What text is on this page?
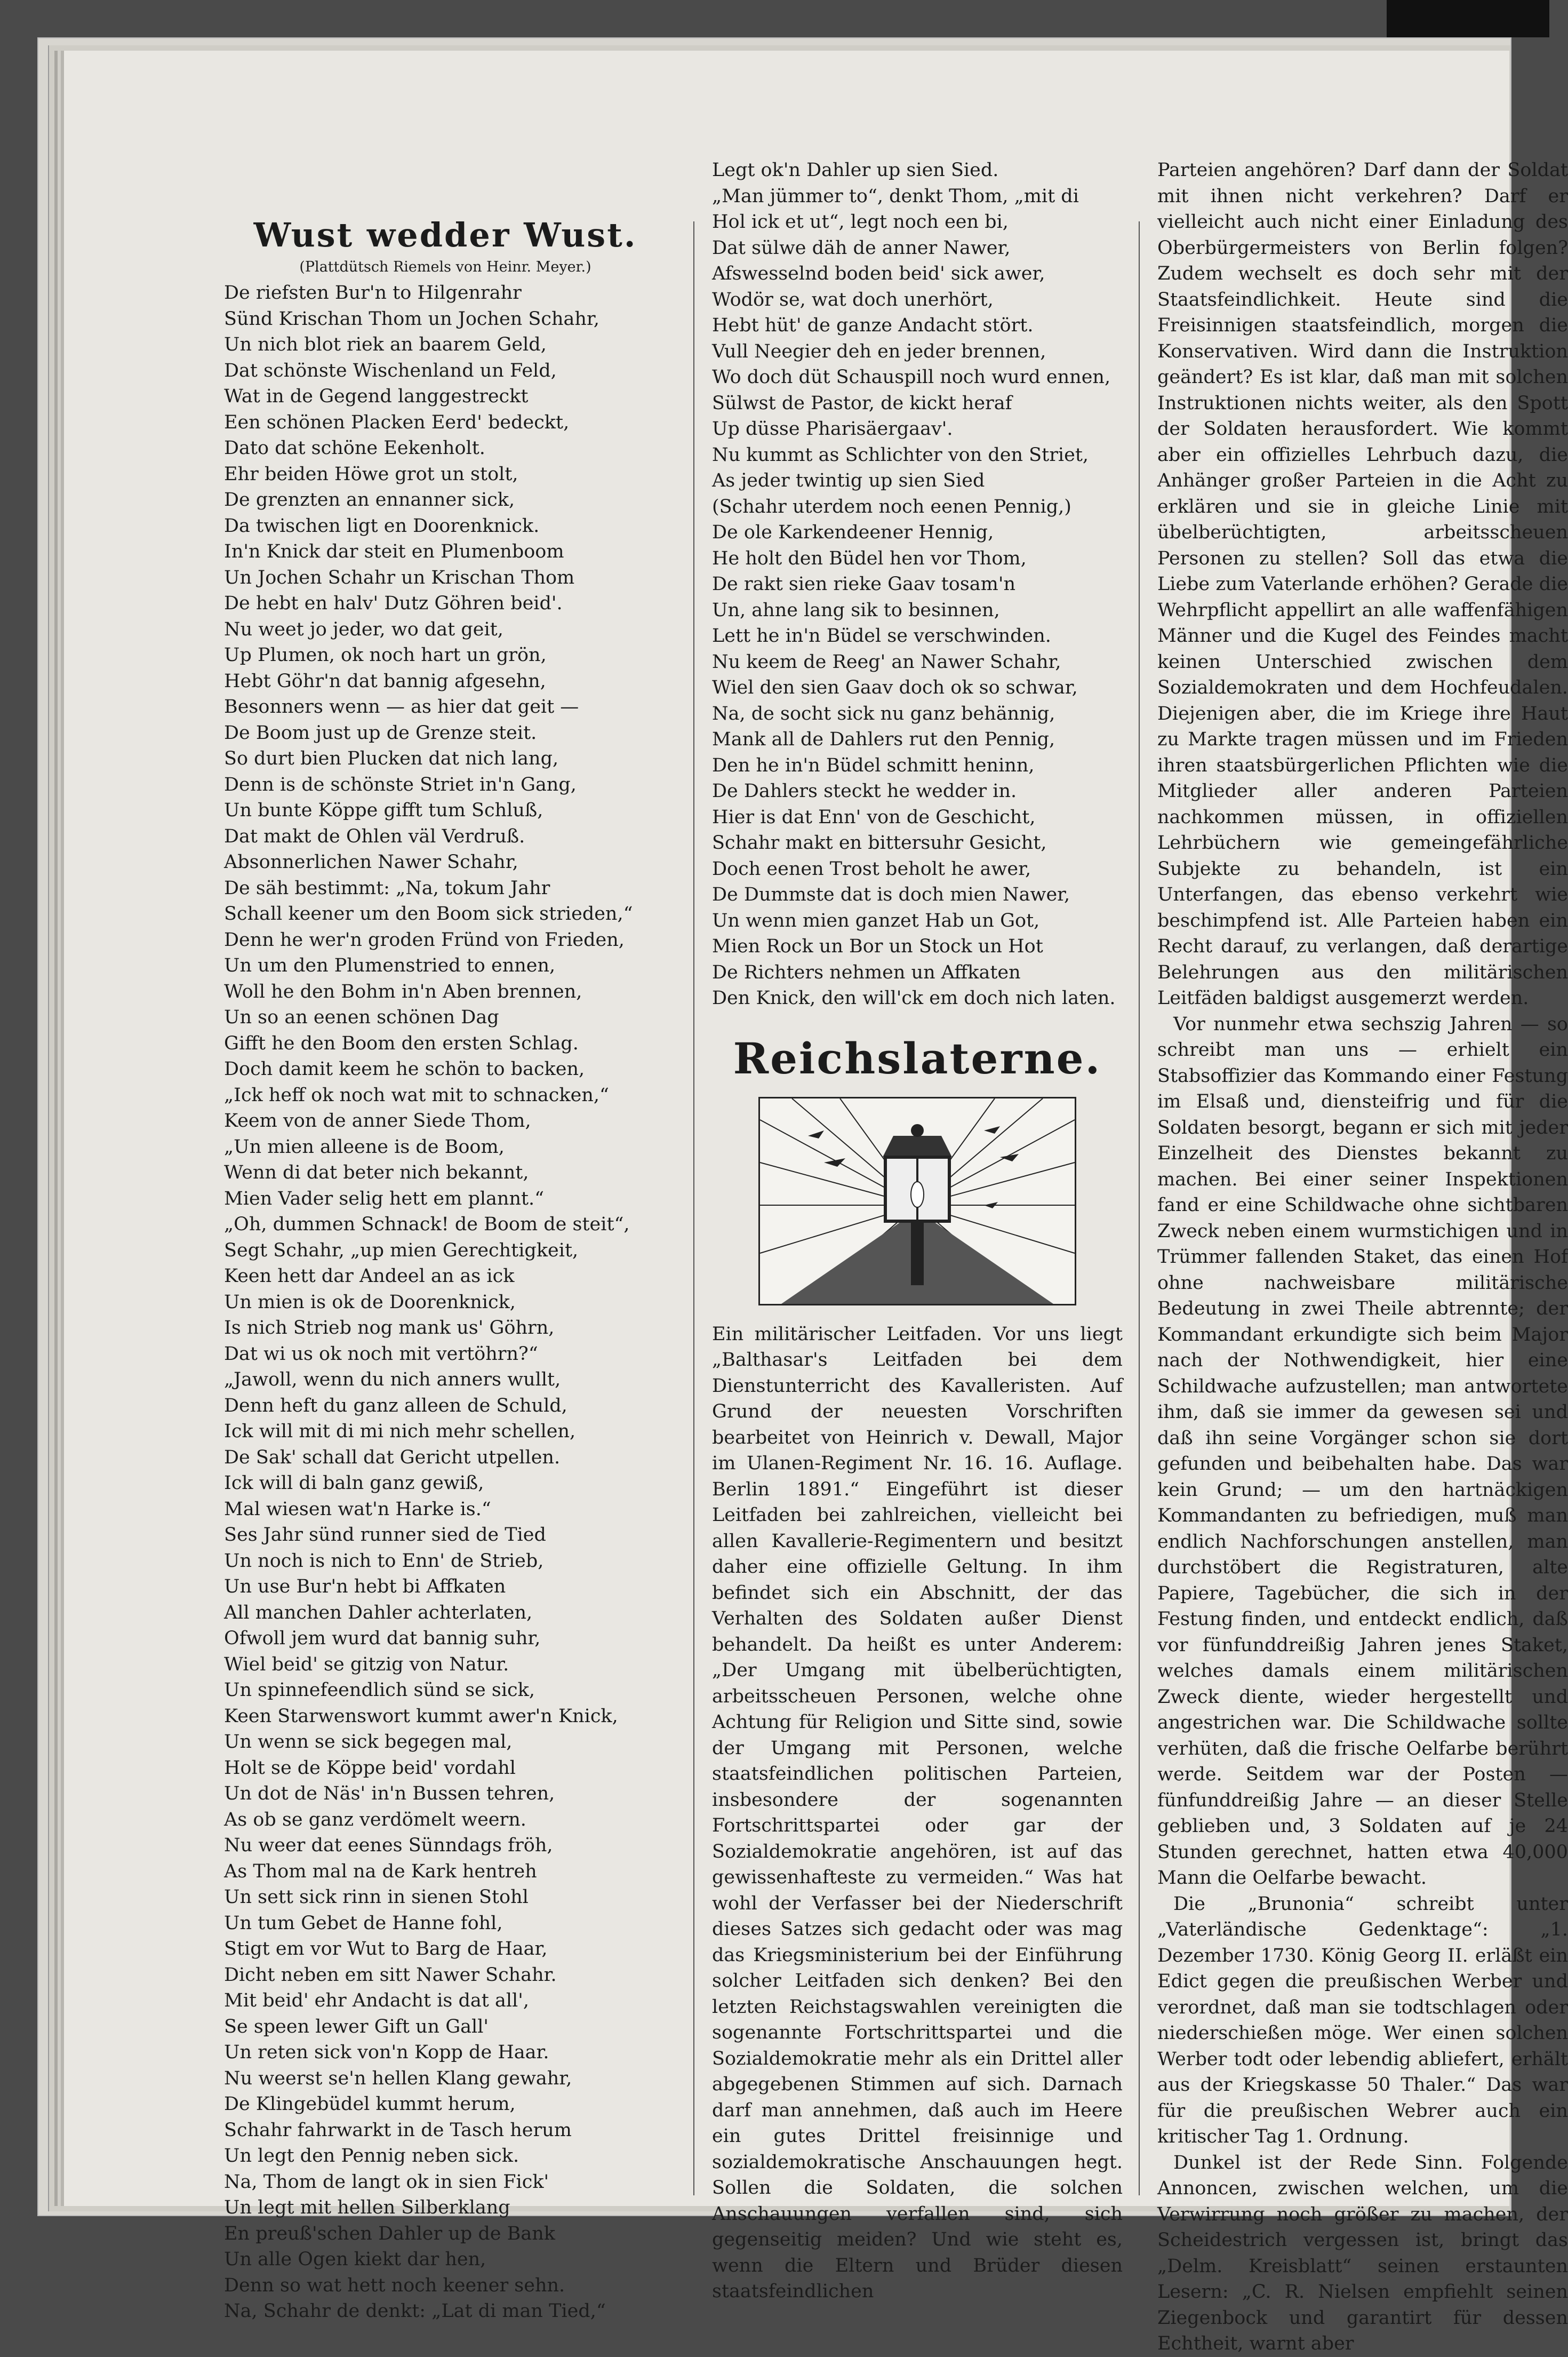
Wust wedder Wust.
(Plattdütsch Riemels von Heinr. Meyer.)
De riefsten Bur'n to Hilgenrahr
Sünd Krischan Thom un Jochen Schahr,
Un nich blot riek an baarem Geld,
Dat schönste Wischenland un Feld,
Wat in de Gegend langgestreckt
Een schönen Placken Eerd' bedeckt,
Dato dat schöne Eekenholt.
Ehr beiden Höwe grot un stolt,
De grenzten an ennanner sick,
Da twischen ligt en Doorenknick.
In'n Knick dar steit en Plumenboom
Un Jochen Schahr un Krischan Thom
De hebt en halv' Dutz Göhren beid'.
Nu weet jo jeder, wo dat geit,
Up Plumen, ok noch hart un grön,
Hebt Göhr'n dat bannig afgesehn,
Besonners wenn — as hier dat geit —
De Boom just up de Grenze steit.
So durt bien Plucken dat nich lang,
Denn is de schönste Striet in'n Gang,
Un bunte Köppe gifft tum Schluß,
Dat makt de Ohlen väl Verdruß.
Absonnerlichen Nawer Schahr,
De säh bestimmt: „Na, tokum Jahr
Schall keener um den Boom sick strieden,“
Denn he wer'n groden Fründ von Frieden,
Un um den Plumenstried to ennen,
Woll he den Bohm in'n Aben brennen,
Un so an eenen schönen Dag
Gifft he den Boom den ersten Schlag.
Doch damit keem he schön to backen,
„Ick heff ok noch wat mit to schnacken,“
Keem von de anner Siede Thom,
„Un mien alleene is de Boom,
Wenn di dat beter nich bekannt,
Mien Vader selig hett em plannt.“
„Oh, dummen Schnack! de Boom de steit“,
Segt Schahr, „up mien Gerechtigkeit,
Keen hett dar Andeel an as ick
Un mien is ok de Doorenknick,
Is nich Strieb nog mank us' Göhrn,
Dat wi us ok noch mit vertöhrn?“
„Jawoll, wenn du nich anners wullt,
Denn heft du ganz alleen de Schuld,
Ick will mit di mi nich mehr schellen,
De Sak' schall dat Gericht utpellen.
Ick will di baln ganz gewiß,
Mal wiesen wat'n Harke is.“
Ses Jahr sünd runner sied de Tied
Un noch is nich to Enn' de Strieb,
Un use Bur'n hebt bi Affkaten
All manchen Dahler achterlaten,
Ofwoll jem wurd dat bannig suhr,
Wiel beid' se gitzig von Natur.
Un spinnefeendlich sünd se sick,
Keen Starwenswort kummt awer'n Knick,
Un wenn se sick begegen mal,
Holt se de Köppe beid' vordahl
Un dot de Näs' in'n Bussen tehren,
As ob se ganz verdömelt weern.
Nu weer dat eenes Sünndags fröh,
As Thom mal na de Kark hentreh
Un sett sick rinn in sienen Stohl
Un tum Gebet de Hanne fohl,
Stigt em vor Wut to Barg de Haar,
Dicht neben em sitt Nawer Schahr.
Mit beid' ehr Andacht is dat all',
Se speen lewer Gift un Gall'
Un reten sick von'n Kopp de Haar.
Nu weerst se'n hellen Klang gewahr,
De Klingebüdel kummt herum,
Schahr fahrwarkt in de Tasch herum
Un legt den Pennig neben sick.
Na, Thom de langt ok in sien Fick'
Un legt mit hellen Silberklang
En preuß'schen Dahler up de Bank
Un alle Ogen kiekt dar hen,
Denn so wat hett noch keener sehn.
Na, Schahr de denkt: „Lat di man Tied,“
Legt ok'n Dahler up sien Sied.
„Man jümmer to“, denkt Thom, „mit di
Hol ick et ut“, legt noch een bi,
Dat sülwe däh de anner Nawer,
Afswesselnd boden beid' sick awer,
Wodör se, wat doch unerhört,
Hebt hüt' de ganze Andacht stört.
Vull Neegier deh en jeder brennen,
Wo doch düt Schauspill noch wurd ennen,
Sülwst de Pastor, de kickt heraf
Up düsse Pharisäergaav'.
Nu kummt as Schlichter von den Striet,
As jeder twintig up sien Sied
(Schahr uterdem noch eenen Pennig,)
De ole Karkendeener Hennig,
He holt den Büdel hen vor Thom,
De rakt sien rieke Gaav tosam'n
Un, ahne lang sik to besinnen,
Lett he in'n Büdel se verschwinden.
Nu keem de Reeg' an Nawer Schahr,
Wiel den sien Gaav doch ok so schwar,
Na, de socht sick nu ganz behännig,
Mank all de Dahlers rut den Pennig,
Den he in'n Büdel schmitt heninn,
De Dahlers steckt he wedder in.
Hier is dat Enn' von de Geschicht,
Schahr makt en bittersuhr Gesicht,
Doch eenen Trost beholt he awer,
De Dummste dat is doch mien Nawer,
Un wenn mien ganzet Hab un Got,
Mien Rock un Bor un Stock un Hot
De Richters nehmen un Affkaten
Den Knick, den will'ck em doch nich laten.
Reichslaterne.

Ein militärischer Leitfaden. Vor uns liegt „Balthasar's Leitfaden bei dem Dienstunterricht des Kavalleristen. Auf Grund der neuesten Vorschriften bearbeitet von Heinrich v. Dewall, Major im Ulanen-Regiment Nr. 16. 16. Auflage. Berlin 1891.“ Eingeführt ist dieser Leitfaden bei zahlreichen, vielleicht bei allen Kavallerie-Regimentern und besitzt daher eine offizielle Geltung. In ihm befindet sich ein Abschnitt, der das Verhalten des Soldaten außer Dienst behandelt. Da heißt es unter Anderem: „Der Umgang mit übelberüchtigten, arbeitsscheuen Personen, welche ohne Achtung für Religion und Sitte sind, sowie der Umgang mit Personen, welche staatsfeindlichen politischen Parteien, insbesondere der sogenannten Fortschrittspartei oder gar der Sozialdemokratie angehören, ist auf das gewissenhafteste zu vermeiden.“ Was hat wohl der Verfasser bei der Niederschrift dieses Satzes sich gedacht oder was mag das Kriegsministerium bei der Einführung solcher Leitfaden sich denken? Bei den letzten Reichstagswahlen vereinigten die sogenannte Fortschrittspartei und die Sozialdemokratie mehr als ein Drittel aller abgegebenen Stimmen auf sich. Darnach darf man annehmen, daß auch im Heere ein gutes Drittel freisinnige und sozialdemokratische Anschauungen hegt. Sollen die Soldaten, die solchen Anschauungen verfallen sind, sich gegenseitig meiden? Und wie steht es, wenn die Eltern und Brüder diesen staatsfeindlichen

Parteien angehören? Darf dann der Soldat mit ihnen nicht verkehren? Darf er vielleicht auch nicht einer Einladung des Oberbürgermeisters von Berlin folgen? Zudem wechselt es doch sehr mit der Staatsfeindlichkeit. Heute sind die Freisinnigen staatsfeindlich, morgen die Konservativen. Wird dann die Instruktion geändert? Es ist klar, daß man mit solchen Instruktionen nichts weiter, als den Spott der Soldaten herausfordert. Wie kommt aber ein offizielles Lehrbuch dazu, die Anhänger großer Parteien in die Acht zu erklären und sie in gleiche Linie mit übelberüchtigten, arbeitsscheuen Personen zu stellen? Soll das etwa die Liebe zum Vaterlande erhöhen? Gerade die Wehrpflicht appellirt an alle waffenfähigen Männer und die Kugel des Feindes macht keinen Unterschied zwischen dem Sozialdemokraten und dem Hochfeudalen. Diejenigen aber, die im Kriege ihre Haut zu Markte tragen müssen und im Frieden ihren staatsbürgerlichen Pflichten wie die Mitglieder aller anderen Parteien nachkommen müssen, in offiziellen Lehrbüchern wie gemeingefährliche Subjekte zu behandeln, ist ein Unterfangen, das ebenso verkehrt wie beschimpfend ist. Alle Parteien haben ein Recht darauf, zu verlangen, daß derartige Belehrungen aus den militärischen Leitfäden baldigst ausgemerzt werden.

Vor nunmehr etwa sechszig Jahren — so schreibt man uns — erhielt ein Stabsoffizier das Kommando einer Festung im Elsaß und, diensteifrig und für die Soldaten besorgt, begann er sich mit jeder Einzelheit des Dienstes bekannt zu machen. Bei einer seiner Inspektionen fand er eine Schildwache ohne sichtbaren Zweck neben einem wurmstichigen und in Trümmer fallenden Staket, das einen Hof ohne nachweisbare militärische Bedeutung in zwei Theile abtrennte; der Kommandant erkundigte sich beim Major nach der Nothwendigkeit, hier eine Schildwache aufzustellen; man antwortete ihm, daß sie immer da gewesen sei und daß ihn seine Vorgänger schon sie dort gefunden und beibehalten habe. Das war kein Grund; — um den hartnäckigen Kommandanten zu befriedigen, muß man endlich Nachforschungen anstellen, man durchstöbert die Registraturen, alte Papiere, Tagebücher, die sich in der Festung finden, und entdeckt endlich, daß vor fünfunddreißig Jahren jenes Staket, welches damals einem militärischen Zweck diente, wieder hergestellt und angestrichen war. Die Schildwache sollte verhüten, daß die frische Oelfarbe berührt werde. Seitdem war der Posten — fünfunddreißig Jahre — an dieser Stelle geblieben und, 3 Soldaten auf je 24 Stunden gerechnet, hatten etwa 40,000 Mann die Oelfarbe bewacht.

Die „Brunonia“ schreibt unter „Vaterländische Gedenktage“: „1. Dezember 1730. König Georg II. erläßt ein Edict gegen die preußischen Werber und verordnet, daß man sie todtschlagen oder niederschießen möge. Wer einen solchen Werber todt oder lebendig abliefert, erhält aus der Kriegskasse 50 Thaler.“ Das war für die preußischen Webrer auch ein kritischer Tag 1. Ordnung.

Dunkel ist der Rede Sinn. Folgende Annoncen, zwischen welchen, um die Verwirrung noch größer zu machen, der Scheidestrich vergessen ist, bringt das „Delm. Kreisblatt“ seinen erstaunten Lesern: „C. R. Nielsen empfiehlt seinen Ziegenbock und garantirt für dessen Echtheit, warnt aber
